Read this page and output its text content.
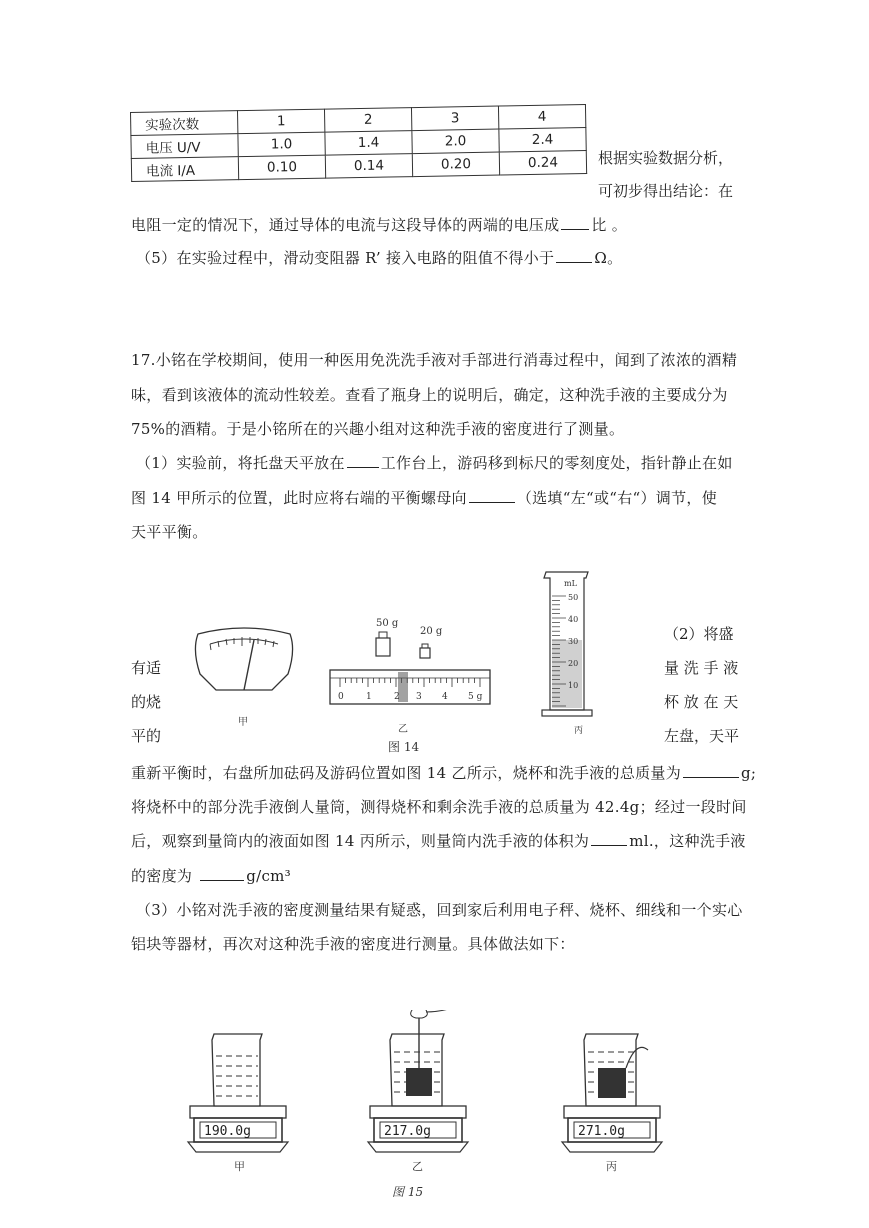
实验次数	1	2	3	4
电压 U/V	1.0	1.4	2.0	2.4
电流 I/A	0.10	0.14	0.20	0.24	根据实验数据分析，
可初步得出结论：在
电阻一定的情况下，通过导体的电流与这段导体的两端的电压成 比 。
（5）在实验过程中，滑动变阻器 R’ 接入电路的阻值不得小于	Ω。
17.小铭在学校期间，使用一种医用免洗洗手液对手部进行消毒过程中，闻到了浓浓的酒精
味，看到该液体的流动性较差。查看了瓶身上的说明后，确定，这种洗手液的主要成分为
75%的酒精。于是小铭所在的兴趣小组对这种洗手液的密度进行了测量。
（1）实验前，将托盘天平放在 工作台上，游码移到标尺的零刻度处，指针静止在如
图 14 甲所示的位置，此时应将右端的平衡螺母向	（选填“左“或“右“）调节，使
天平平衡。
有适
的烧
平的
（2）将盛
量 洗 手 液
杯 放 在 天
左盘，天平
甲
50 g
20 g
0 1 2 3 4 5 g
乙
图 14
mL
50
40
30
20
10
丙
重新平衡时，右盘所加砝码及游码位置如图 14 乙所示，烧杯和洗手液的总质量为	g;
将烧杯中的部分洗手液倒人量筒，测得烧杯和剩余洗手液的总质量为 42.4g；经过一段时间
后，观察到量筒内的液面如图 14 丙所示，则量筒内洗手液的体积为	ml.，这种洗手液
的密度为	g/cm³
（3）小铭对洗手液的密度测量结果有疑惑，回到家后利用电子秤、烧杯、细线和一个实心
铝块等器材，再次对这种洗手液的密度进行测量。具体做法如下：
190.0g
甲
217.0g
乙
271.0g
丙
图 15
